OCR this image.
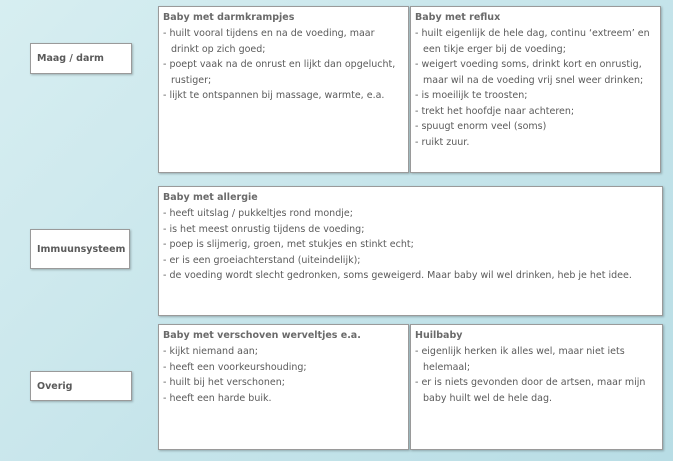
Maag / darm
Baby met darmkrampjes
- huilt vooral tijdens en na de voeding, maar drinkt op zich goed;
- poept vaak na de onrust en lijkt dan opgelucht, rustiger;
- lijkt te ontspannen bij massage, warmte, e.a.
Baby met reflux
- huilt eigenlijk de hele dag, continu ‘extreem’ en een tikje erger bij de voeding;
- weigert voeding soms, drinkt kort en onrustig, maar wil na de voeding vrij snel weer drinken;
- is moeilijk te troosten;
- trekt het hoofdje naar achteren;
- spuugt enorm veel (soms)
- ruikt zuur.
Immuunsysteem
Baby met allergie
- heeft uitslag / pukkeltjes rond mondje;
- is het meest onrustig tijdens de voeding;
- poep is slijmerig, groen, met stukjes en stinkt echt;
- er is een groeiachterstand (uiteindelijk);
- de voeding wordt slecht gedronken, soms geweigerd. Maar baby wil wel drinken, heb je het idee.
Overig
Baby met verschoven werveltjes e.a.
- kijkt niemand aan;
- heeft een voorkeurshouding;
- huilt bij het verschonen;
- heeft een harde buik.
Huilbaby
- eigenlijk herken ik alles wel, maar niet iets helemaal;
- er is niets gevonden door de artsen, maar mijn baby huilt wel de hele dag.
